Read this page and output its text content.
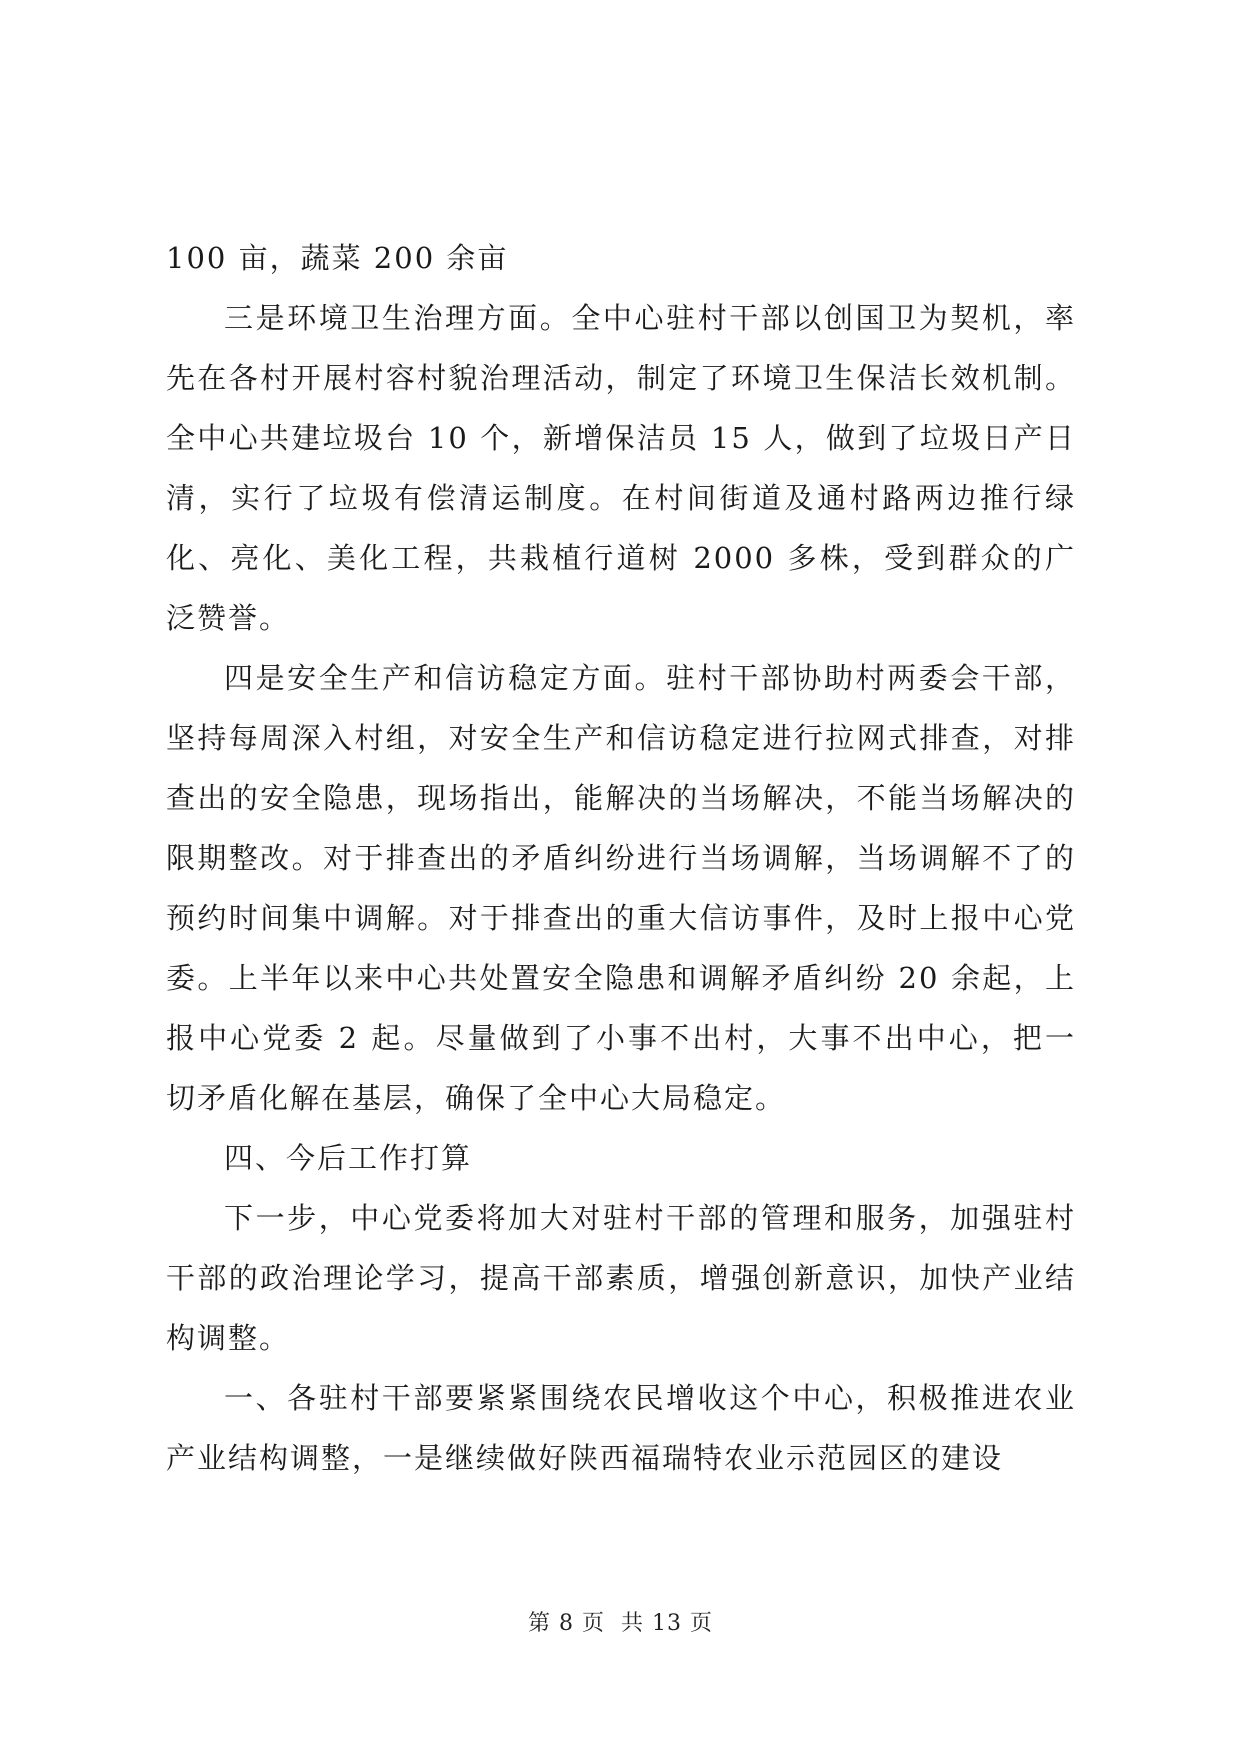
100 亩，蔬菜 200 余亩

三是环境卫生治理方面。全中心驻村干部以创国卫为契机，率先在各村开展村容村貌治理活动，制定了环境卫生保洁长效机制。全中心共建垃圾台 10 个，新增保洁员 15 人，做到了垃圾日产日清，实行了垃圾有偿清运制度。在村间街道及通村路两边推行绿化、亮化、美化工程，共栽植行道树 2000 多株，受到群众的广泛赞誉。

四是安全生产和信访稳定方面。驻村干部协助村两委会干部，坚持每周深入村组，对安全生产和信访稳定进行拉网式排查，对排查出的安全隐患，现场指出，能解决的当场解决，不能当场解决的限期整改。对于排查出的矛盾纠纷进行当场调解，当场调解不了的预约时间集中调解。对于排查出的重大信访事件，及时上报中心党委。上半年以来中心共处置安全隐患和调解矛盾纠纷 20 余起，上报中心党委 2 起。尽量做到了小事不出村，大事不出中心，把一切矛盾化解在基层，确保了全中心大局稳定。

四、今后工作打算

下一步，中心党委将加大对驻村干部的管理和服务，加强驻村干部的政治理论学习，提高干部素质，增强创新意识，加快产业结构调整。

一、各驻村干部要紧紧围绕农民增收这个中心，积极推进农业产业结构调整，一是继续做好陕西福瑞特农业示范园区的建设

第 8 页 共 13 页
